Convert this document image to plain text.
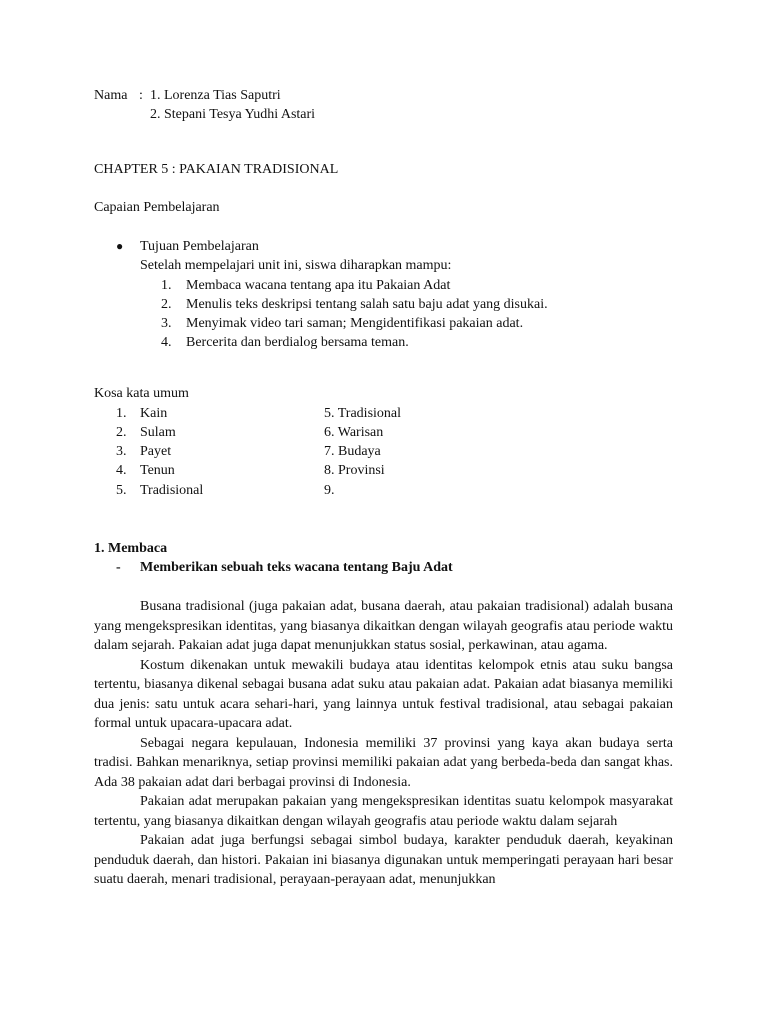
Nama : 1. Lorenza Tias Saputri
2. Stepani Tesya Yudhi Astari
CHAPTER 5 : PAKAIAN TRADISIONAL
Capaian Pembelajaran
● Tujuan Pembelajaran
Setelah mempelajari unit ini, siswa diharapkan mampu:
1. Membaca wacana tentang apa itu Pakaian Adat
2. Menulis teks deskripsi tentang salah satu baju adat yang disukai.
3. Menyimak video tari saman; Mengidentifikasi pakaian adat.
4. Bercerita dan berdialog bersama teman.
Kosa kata umum
1. Kain
2. Sulam
3. Payet
4. Tenun
5. Tradisional
5. Tradisional
6. Warisan
7. Budaya
8. Provinsi
9.
1. Membaca
- Memberikan sebuah teks wacana tentang Baju Adat

Busana tradisional (juga pakaian adat, busana daerah, atau pakaian tradisional) adalah busana yang mengekspresikan identitas, yang biasanya dikaitkan dengan wilayah geografis atau periode waktu dalam sejarah. Pakaian adat juga dapat menunjukkan status sosial, perkawinan, atau agama.

Kostum dikenakan untuk mewakili budaya atau identitas kelompok etnis atau suku bangsa tertentu, biasanya dikenal sebagai busana adat suku atau pakaian adat. Pakaian adat biasanya memiliki dua jenis: satu untuk acara sehari-hari, yang lainnya untuk festival tradisional, atau sebagai pakaian formal untuk upacara-upacara adat.

Sebagai negara kepulauan, Indonesia memiliki 37 provinsi yang kaya akan budaya serta tradisi. Bahkan menariknya, setiap provinsi memiliki pakaian adat yang berbeda-beda dan sangat khas. Ada 38 pakaian adat dari berbagai provinsi di Indonesia.

Pakaian adat merupakan pakaian yang mengekspresikan identitas suatu kelompok masyarakat tertentu, yang biasanya dikaitkan dengan wilayah geografis atau periode waktu dalam sejarah

Pakaian adat juga berfungsi sebagai simbol budaya, karakter penduduk daerah, keyakinan penduduk daerah, dan histori. Pakaian ini biasanya digunakan untuk memperingati perayaan hari besar suatu daerah, menari tradisional, perayaan-perayaan adat, menunjukkan
